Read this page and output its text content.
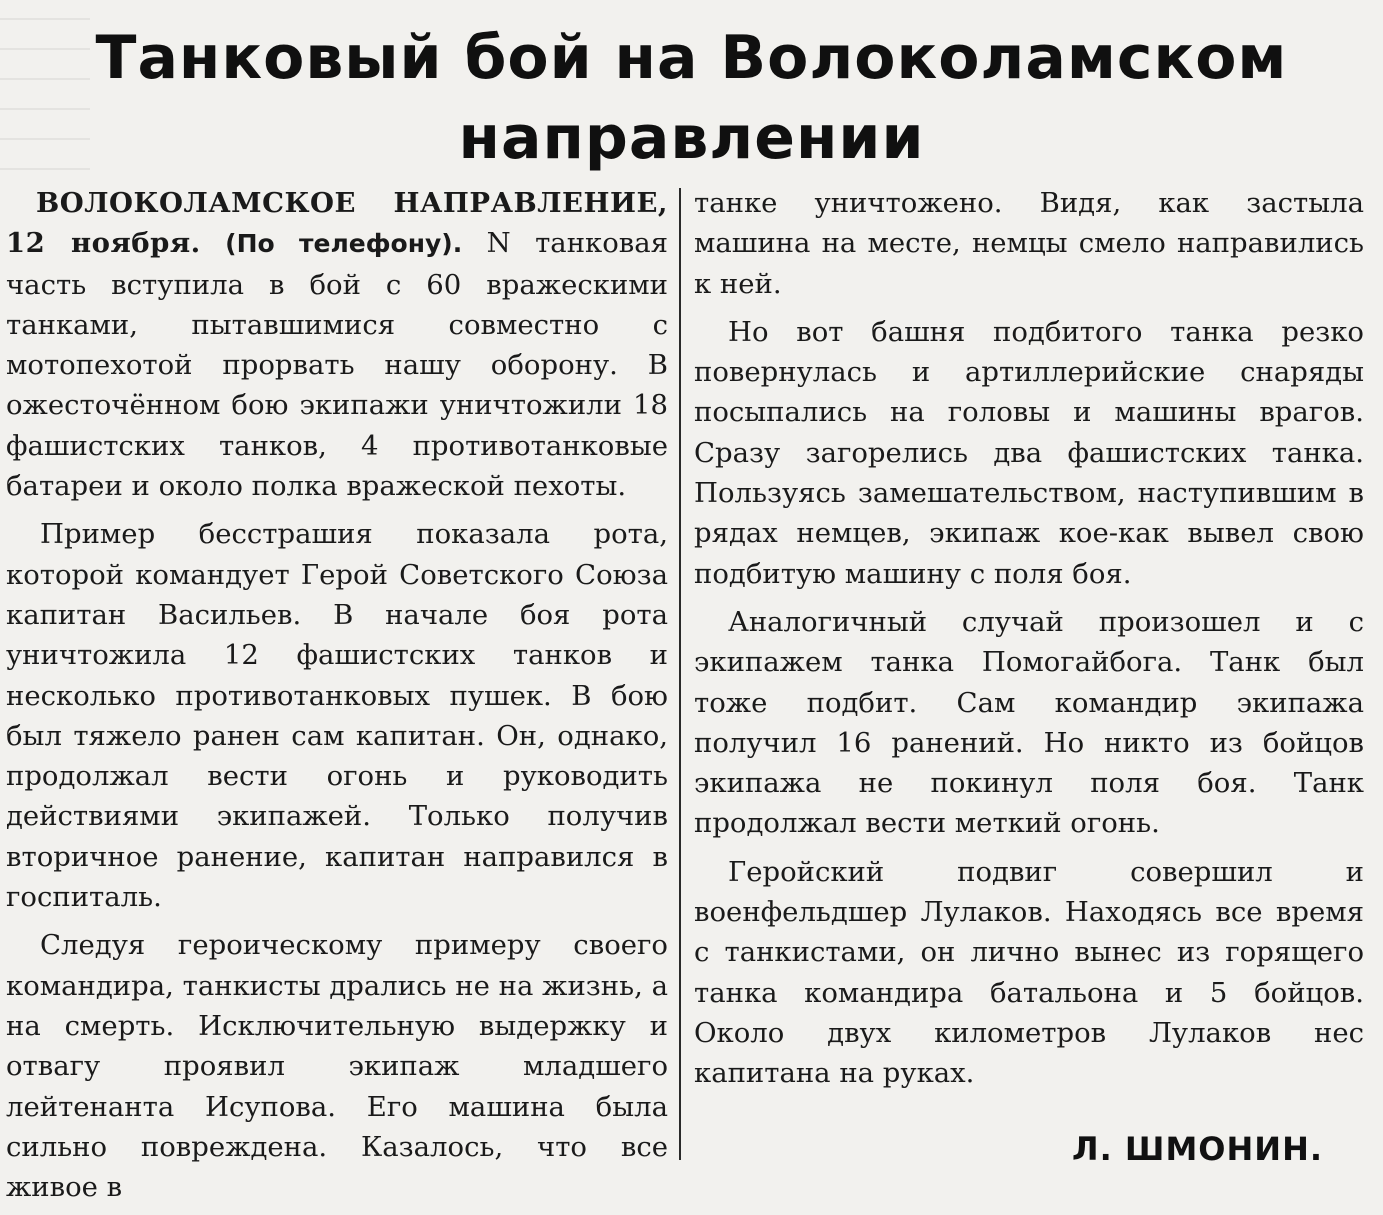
Танковый бой на Волоколамском
направлении

ВОЛОКОЛАМСКОЕ НАПРАВЛЕНИЕ, 12 ноября. (По телефону). N танковая часть вступила в бой с 60 вражескими танками, пытавшимися совместно с мотопехотой прорвать нашу оборону. В ожесточённом бою экипажи уничтожили 18 фашистских танков, 4 противотанковые батареи и около полка вражеской пехоты.

Пример бесстрашия показала рота, которой командует Герой Советского Союза капитан Васильев. В начале боя рота уничтожила 12 фашистских танков и несколько противотанковых пушек. В бою был тяжело ранен сам капитан. Он, однако, продолжал вести огонь и руководить действиями экипажей. Только получив вторичное ранение, капитан направился в госпиталь.

Следуя героическому примеру своего командира, танкисты дрались не на жизнь, а на смерть. Исключительную выдержку и отвагу проявил экипаж младшего лейтенанта Исупова. Его машина была сильно повреждена. Казалось, что все живое в

танке уничтожено. Видя, как застыла машина на месте, немцы смело направились к ней.

Но вот башня подбитого танка резко повернулась и артиллерийские снаряды посыпались на головы и машины врагов. Сразу загорелись два фашистских танка. Пользуясь замешательством, наступившим в рядах немцев, экипаж кое-как вывел свою подбитую машину с поля боя.

Аналогичный случай произошел и с экипажем танка Помогайбога. Танк был тоже подбит. Сам командир экипажа получил 16 ранений. Но никто из бойцов экипажа не покинул поля боя. Танк продолжал вести меткий огонь.

Геройский подвиг совершил и военфельдшер Лулаков. Находясь все время с танкистами, он лично вынес из горящего танка командира батальона и 5 бойцов. Около двух километров Лулаков нес капитана на руках.

Л. ШМОНИН.
